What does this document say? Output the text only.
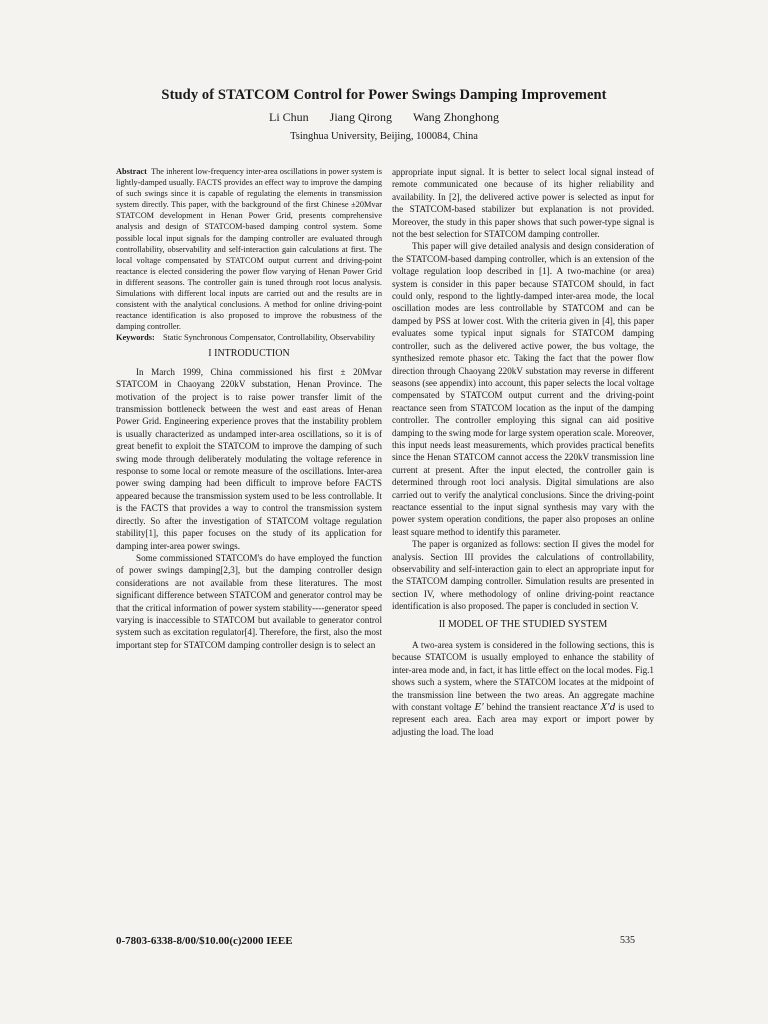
Study of STATCOM Control for Power Swings Damping Improvement
Li Chun Jiang Qirong Wang Zhonghong
Tsinghua University, Beijing, 100084, China

Abstract The inherent low-frequency inter-area oscillations in power system is lightly-damped usually. FACTS provides an effect way to improve the damping of such swings since it is capable of regulating the elements in transmission system directly. This paper, with the background of the first Chinese ±20Mvar STATCOM development in Henan Power Grid, presents comprehensive analysis and design of STATCOM-based damping control system. Some possible local input signals for the damping controller are evaluated through controllability, observability and self-interaction gain calculations at first. The local voltage compensated by STATCOM output current and driving-point reactance is elected considering the power flow varying of Henan Power Grid in different seasons. The controller gain is tuned through root locus analysis. Simulations with different local inputs are carried out and the results are in consistent with the analytical conclusions. A method for online driving-point reactance identification is also proposed to improve the robustness of the damping controller.

Keywords: Static Synchronous Compensator, Controllability, Observability

I INTRODUCTION

In March 1999, China commissioned his first ± 20Mvar STATCOM in Chaoyang 220kV substation, Henan Province. The motivation of the project is to raise power transfer limit of the transmission bottleneck between the west and east areas of Henan Power Grid. Engineering experience proves that the instability problem is usually characterized as undamped inter-area oscillations, so it is of great benefit to exploit the STATCOM to improve the damping of such swing mode through deliberately modulating the voltage reference in response to some local or remote measure of the oscillations. Inter-area power swing damping had been difficult to improve before FACTS appeared because the transmission system used to be less controllable. It is the FACTS that provides a way to control the transmission system directly. So after the investigation of STATCOM voltage regulation stability[1], this paper focuses on the study of its application for damping inter-area power swings.

Some commissioned STATCOM's do have employed the function of power swings damping[2,3], but the damping controller design considerations are not available from these literatures. The most significant difference between STATCOM and generator control may be that the critical information of power system stability----generator speed varying is inaccessible to STATCOM but available to generator control system such as excitation regulator[4]. Therefore, the first, also the most important step for STATCOM damping controller design is to select an

appropriate input signal. It is better to select local signal instead of remote communicated one because of its higher reliability and availability. In [2], the delivered active power is selected as input for the STATCOM-based stabilizer but explanation is not provided. Moreover, the study in this paper shows that such power-type signal is not the best selection for STATCOM damping controller.

This paper will give detailed analysis and design consideration of the STATCOM-based damping controller, which is an extension of the voltage regulation loop described in [1]. A two-machine (or area) system is consider in this paper because STATCOM should, in fact could only, respond to the lightly-damped inter-area mode, the local oscillation modes are less controllable by STATCOM and can be damped by PSS at lower cost. With the criteria given in [4], this paper evaluates some typical input signals for STATCOM damping controller, such as the delivered active power, the bus voltage, the synthesized remote phasor etc. Taking the fact that the power flow direction through Chaoyang 220kV substation may reverse in different seasons (see appendix) into account, this paper selects the local voltage compensated by STATCOM output current and the driving-point reactance seen from STATCOM location as the input of the damping controller. The controller employing this signal can aid positive damping to the swing mode for large system operation scale. Moreover, this input needs least measurements, which provides practical benefits since the Henan STATCOM cannot access the 220kV transmission line current at present. After the input elected, the controller gain is determined through root loci analysis. Digital simulations are also carried out to verify the analytical conclusions. Since the driving-point reactance essential to the input signal synthesis may vary with the power system operation conditions, the paper also proposes an online least square method to identify this parameter.

The paper is organized as follows: section II gives the model for analysis. Section III provides the calculations of controllability, observability and self-interaction gain to elect an appropriate input for the STATCOM damping controller. Simulation results are presented in section IV, where methodology of online driving-point reactance identification is also proposed. The paper is concluded in section V.

II MODEL OF THE STUDIED SYSTEM

A two-area system is considered in the following sections, this is because STATCOM is usually employed to enhance the stability of inter-area mode and, in fact, it has little effect on the local modes. Fig.1 shows such a system, where the STATCOM locates at the midpoint of the transmission line between the two areas. An aggregate machine with constant voltage E′ behind the transient reactance X′d is used to represent each area. Each area may export or import power by adjusting the load. The load

0-7803-6338-8/00/$10.00(c)2000 IEEE	535
